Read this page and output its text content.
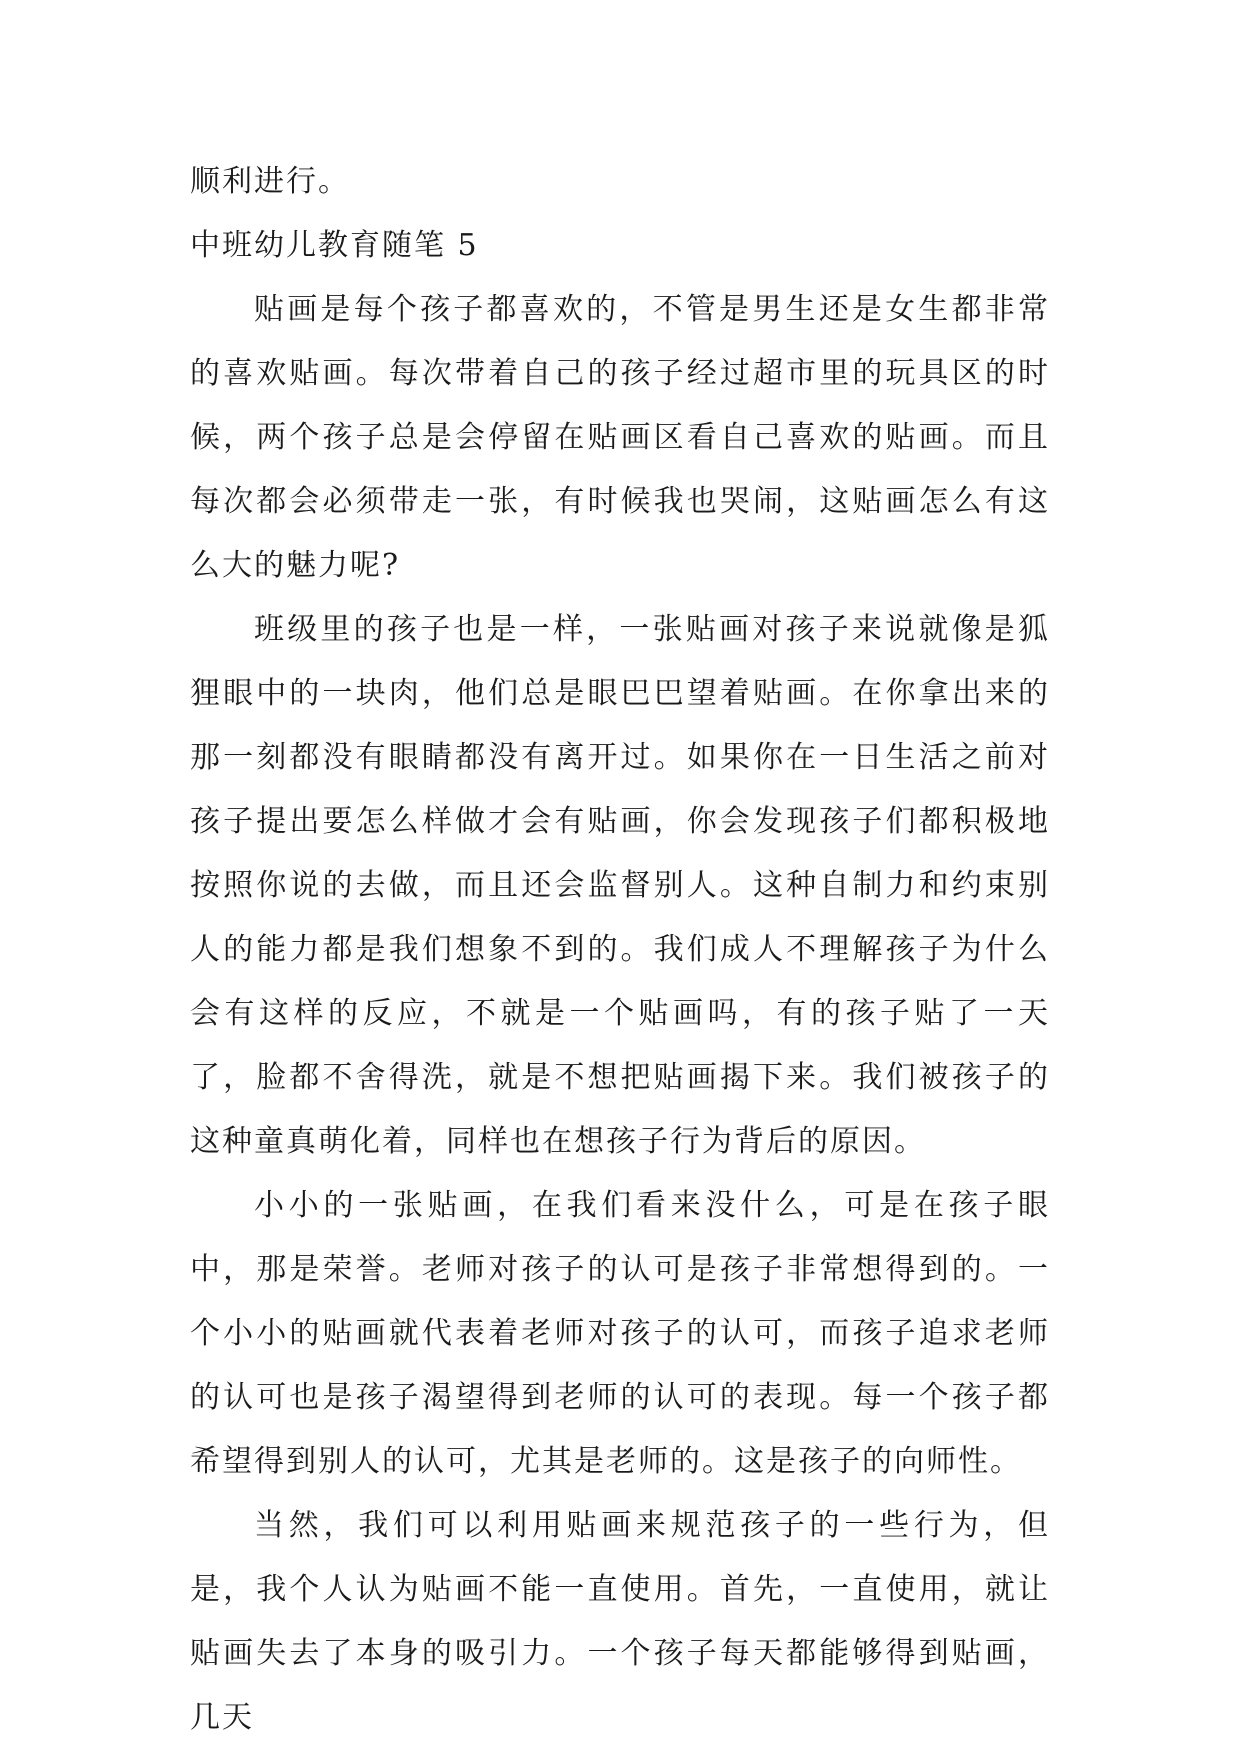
顺利进行。

中班幼儿教育随笔 5

贴画是每个孩子都喜欢的，不管是男生还是女生都非常的喜欢贴画。每次带着自己的孩子经过超市里的玩具区的时候，两个孩子总是会停留在贴画区看自己喜欢的贴画。而且每次都会必须带走一张，有时候我也哭闹，这贴画怎么有这么大的魅力呢?

班级里的孩子也是一样，一张贴画对孩子来说就像是狐狸眼中的一块肉，他们总是眼巴巴望着贴画。在你拿出来的那一刻都没有眼睛都没有离开过。如果你在一日生活之前对孩子提出要怎么样做才会有贴画，你会发现孩子们都积极地按照你说的去做，而且还会监督别人。这种自制力和约束别人的能力都是我们想象不到的。我们成人不理解孩子为什么会有这样的反应，不就是一个贴画吗，有的孩子贴了一天了，脸都不舍得洗，就是不想把贴画揭下来。我们被孩子的这种童真萌化着，同样也在想孩子行为背后的原因。

小小的一张贴画，在我们看来没什么，可是在孩子眼中，那是荣誉。老师对孩子的认可是孩子非常想得到的。一个小小的贴画就代表着老师对孩子的认可，而孩子追求老师的认可也是孩子渴望得到老师的认可的表现。每一个孩子都希望得到别人的认可，尤其是老师的。这是孩子的向师性。

当然，我们可以利用贴画来规范孩子的一些行为，但是，我个人认为贴画不能一直使用。首先，一直使用，就让贴画失去了本身的吸引力。一个孩子每天都能够得到贴画，几天
